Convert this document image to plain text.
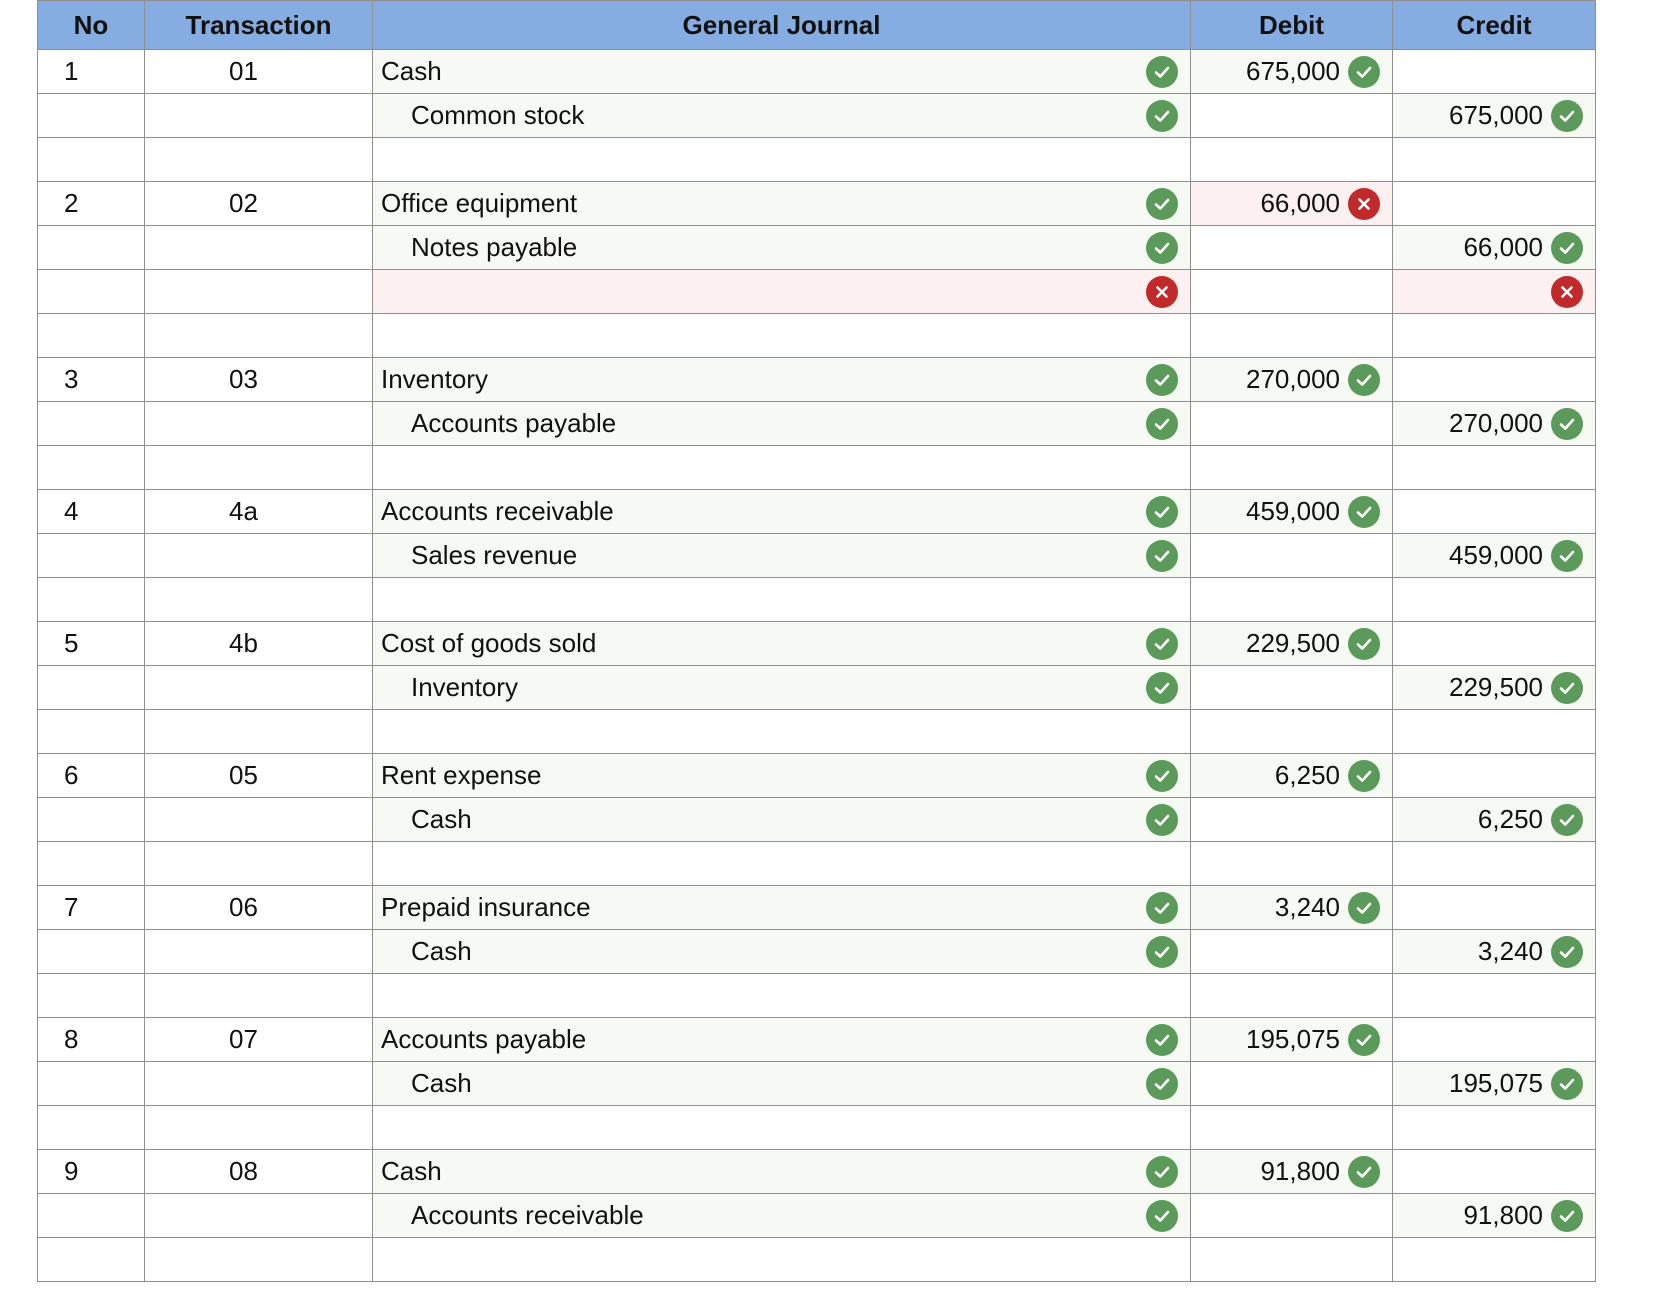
No	Transaction	General Journal	Debit	Credit
1	01	Cash	675,000	

		Common stock		675,000

2	02	Office equipment	66,000	

		Notes payable		66,000

3	03	Inventory	270,000	

		Accounts payable		270,000

4	4a	Accounts receivable	459,000	

		Sales revenue		459,000

5	4b	Cost of goods sold	229,500	

		Inventory		229,500

6	05	Rent expense	6,250	

		Cash		6,250

7	06	Prepaid insurance	3,240	

		Cash		3,240

8	07	Accounts payable	195,075	

		Cash		195,075

9	08	Cash	91,800	

		Accounts receivable		91,800
